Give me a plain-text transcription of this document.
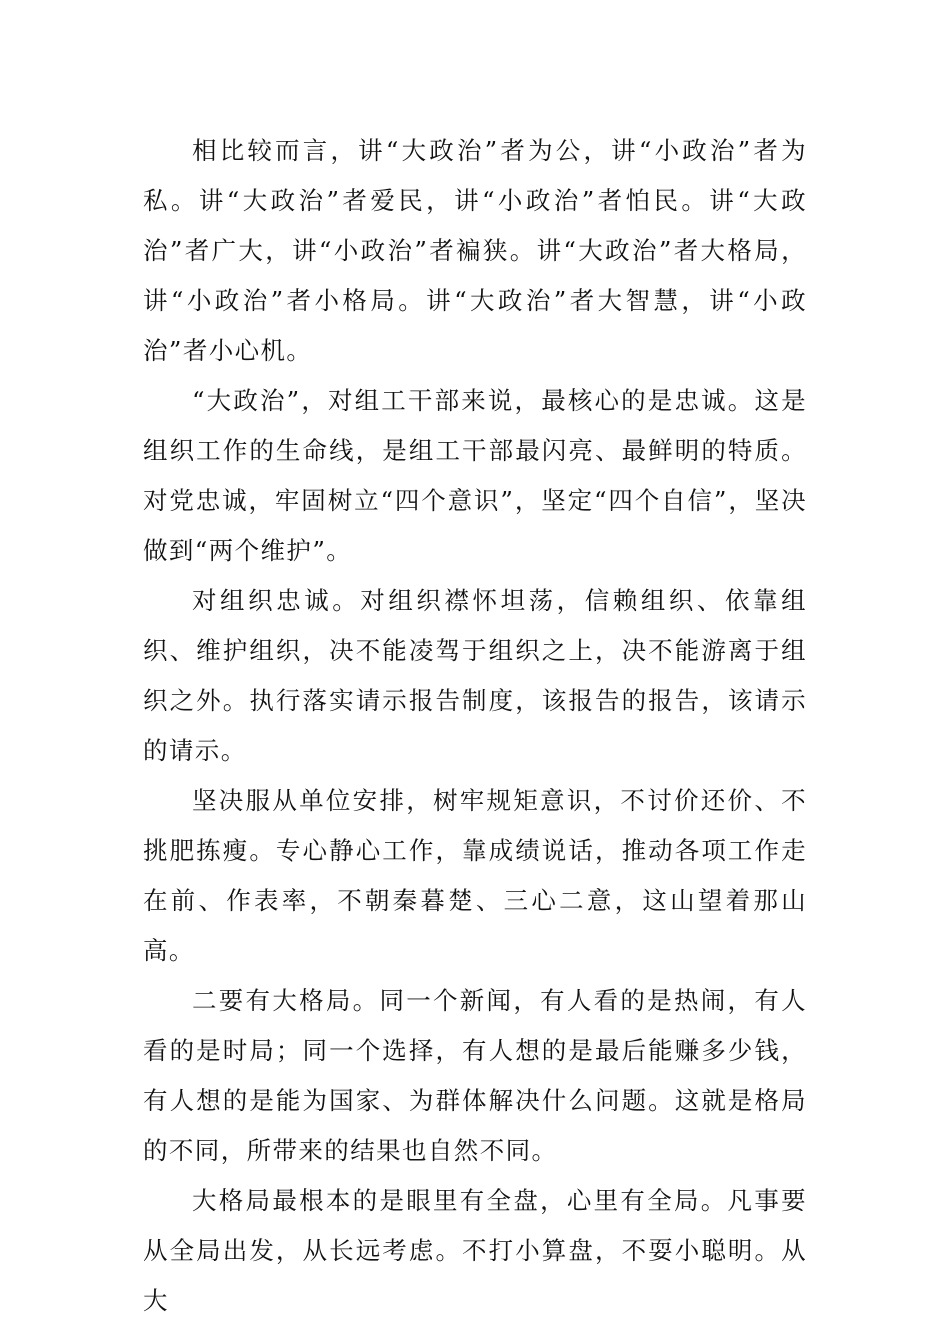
相比较而言，讲“大政治”者为公，讲“小政治”者为私。讲“大政治”者爱民，讲“小政治”者怕民。讲“大政治”者广大，讲“小政治”者褊狭。讲“大政治”者大格局，讲“小政治”者小格局。讲“大政治”者大智慧，讲“小政治”者小心机。

“大政治”，对组工干部来说，最核心的是忠诚。这是组织工作的生命线，是组工干部最闪亮、最鲜明的特质。对党忠诚，牢固树立“四个意识”，坚定“四个自信”，坚决做到“两个维护”。

对组织忠诚。对组织襟怀坦荡，信赖组织、依靠组织、维护组织，决不能凌驾于组织之上，决不能游离于组织之外。执行落实请示报告制度，该报告的报告，该请示的请示。

坚决服从单位安排，树牢规矩意识，不讨价还价、不挑肥拣瘦。专心静心工作，靠成绩说话，推动各项工作走在前、作表率，不朝秦暮楚、三心二意，这山望着那山高。

二要有大格局。同一个新闻，有人看的是热闹，有人看的是时局；同一个选择，有人想的是最后能赚多少钱，有人想的是能为国家、为群体解决什么问题。这就是格局的不同，所带来的结果也自然不同。

大格局最根本的是眼里有全盘，心里有全局。凡事要从全局出发，从长远考虑。不打小算盘，不耍小聪明。从大
